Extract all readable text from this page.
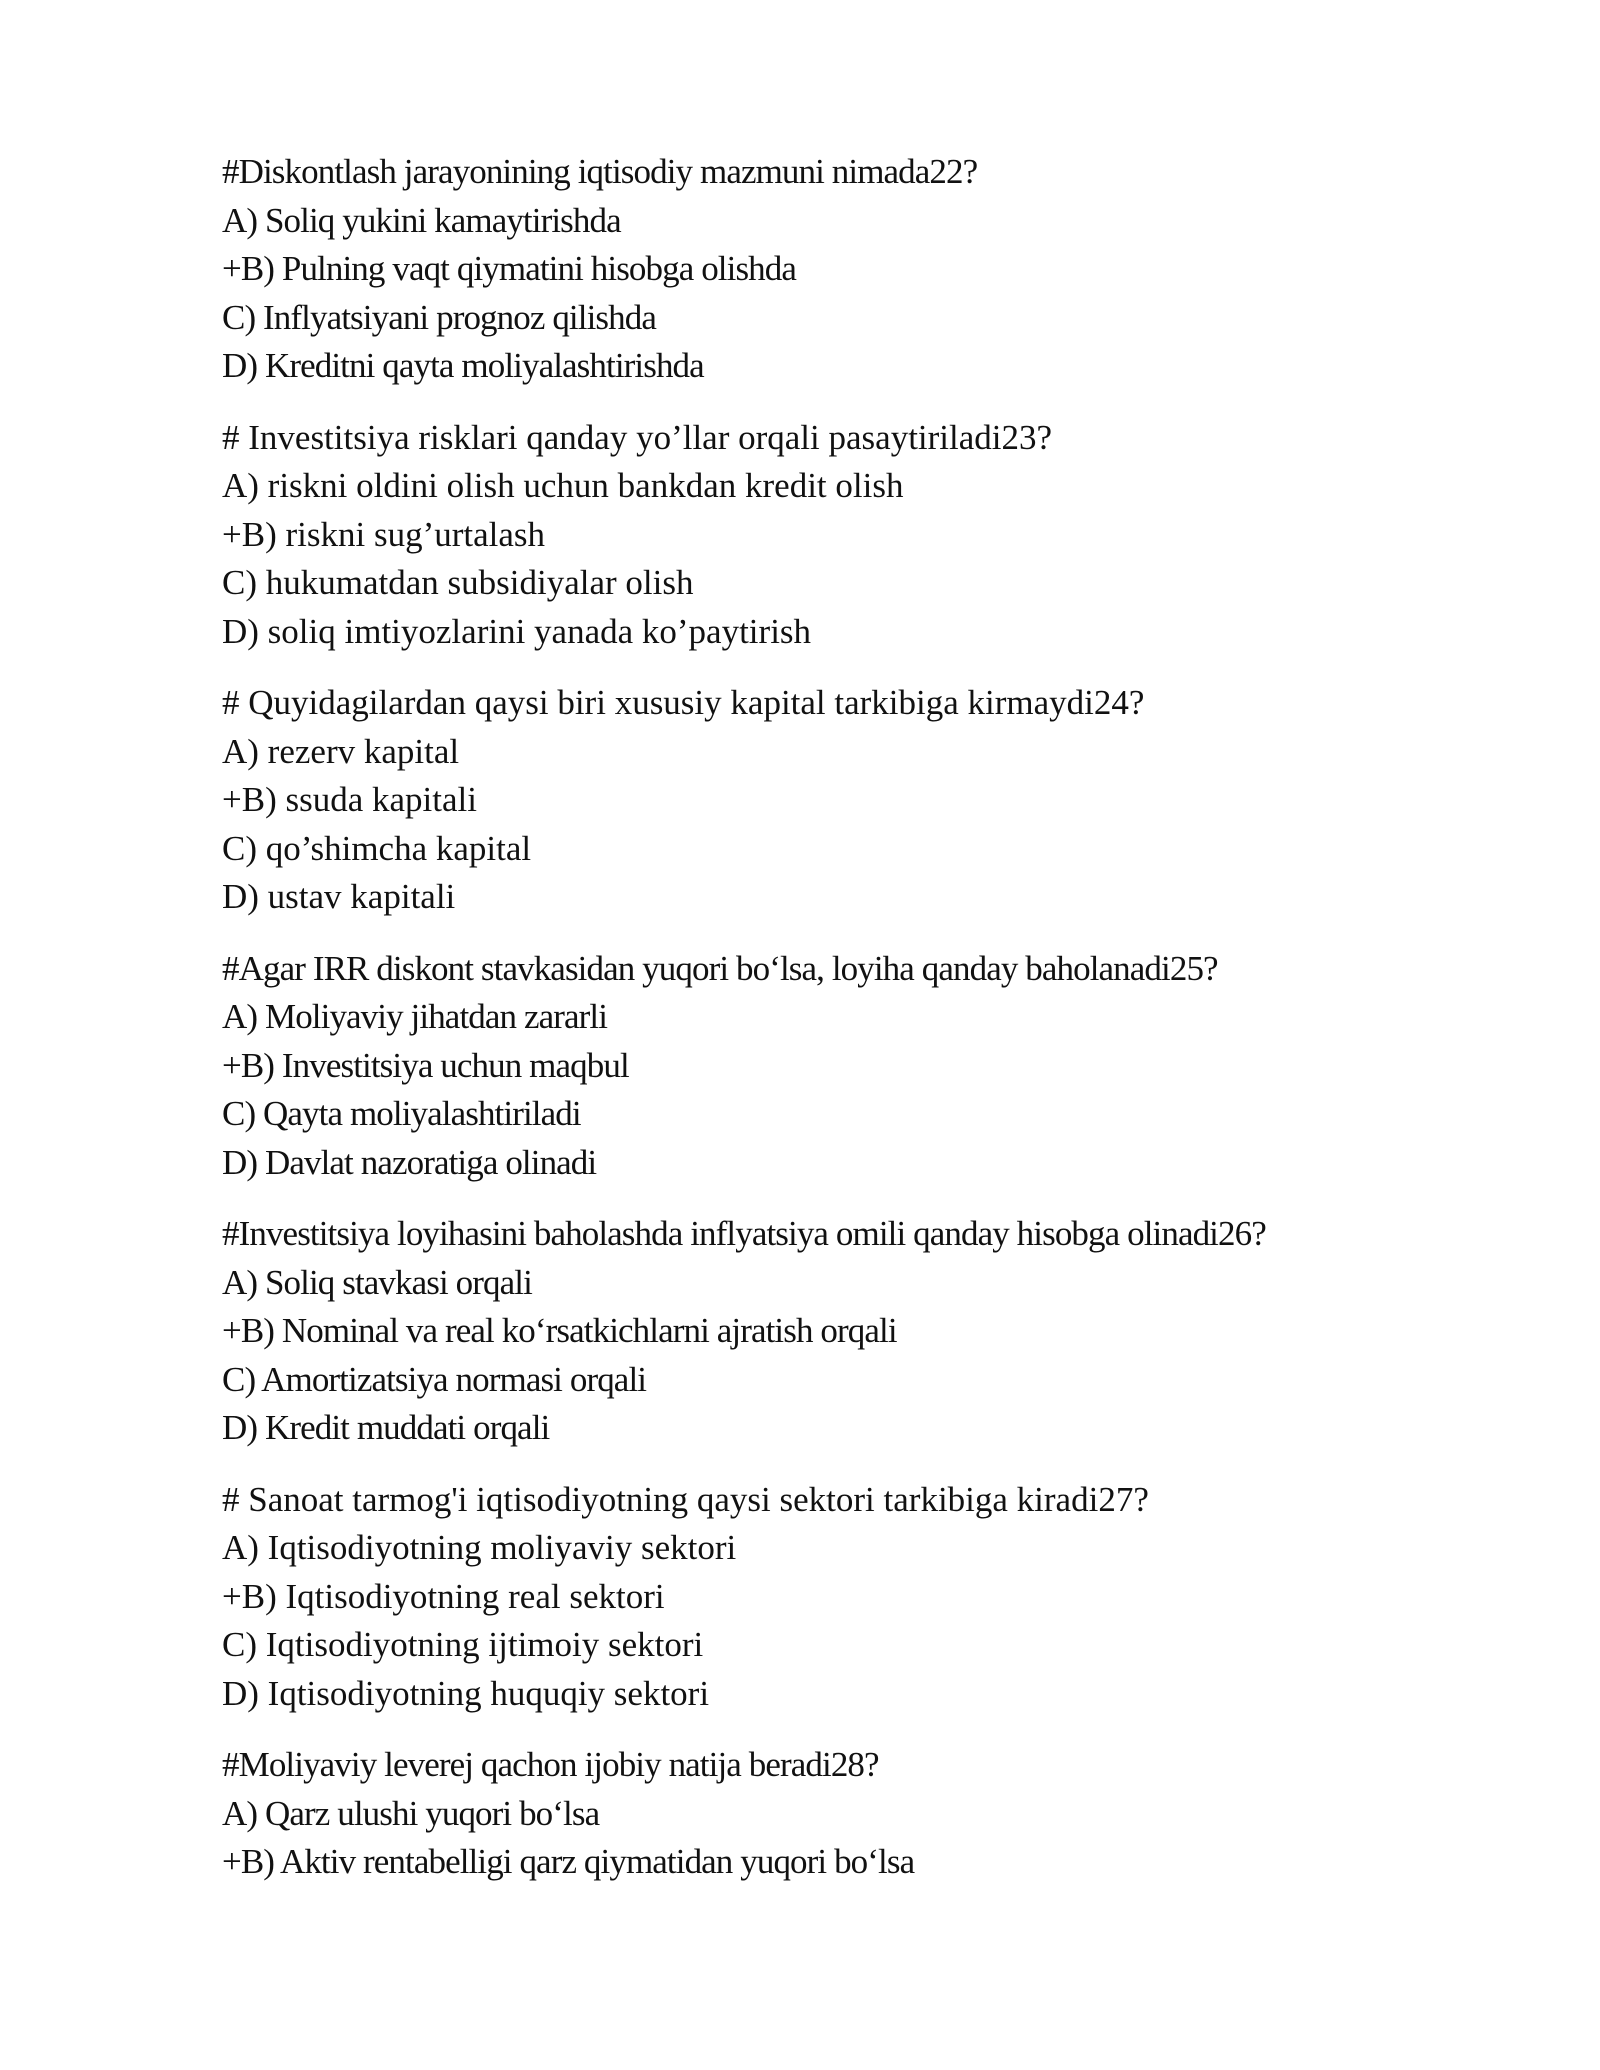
#Diskontlash jarayonining iqtisodiy mazmuni nimada22?
A) Soliq yukini kamaytirishda
+B) Pulning vaqt qiymatini hisobga olishda
C) Inflyatsiyani prognoz qilishda
D) Kreditni qayta moliyalashtirishda
# Investitsiya risklari qanday yo’llar orqali pasaytiriladi23?
A) riskni oldini olish uchun bankdan kredit olish
+B) riskni sug’urtalash
C) hukumatdan subsidiyalar olish
D) soliq imtiyozlarini yanada ko’paytirish
# Quyidagilardan qaysi biri xususiy kapital tarkibiga kirmaydi24?
A) rezerv kapital
+B) ssuda kapitali
C) qo’shimcha kapital
D) ustav kapitali
#Agar IRR diskont stavkasidan yuqori bo‘lsa, loyiha qanday baholanadi25?
A) Moliyaviy jihatdan zararli
+B) Investitsiya uchun maqbul
C) Qayta moliyalashtiriladi
D) Davlat nazoratiga olinadi
#Investitsiya loyihasini baholashda inflyatsiya omili qanday hisobga olinadi26?
A) Soliq stavkasi orqali
+B) Nominal va real ko‘rsatkichlarni ajratish orqali
C) Amortizatsiya normasi orqali
D) Kredit muddati orqali
# Sanoat tarmog'i iqtisodiyotning qaysi sektori tarkibiga kiradi27?
A) Iqtisodiyotning moliyaviy sektori
+B) Iqtisodiyotning real sektori
C) Iqtisodiyotning ijtimoiy sektori
D) Iqtisodiyotning huquqiy sektori
#Moliyaviy leverej qachon ijobiy natija beradi28?
A) Qarz ulushi yuqori bo‘lsa
+B) Aktiv rentabelligi qarz qiymatidan yuqori bo‘lsa
